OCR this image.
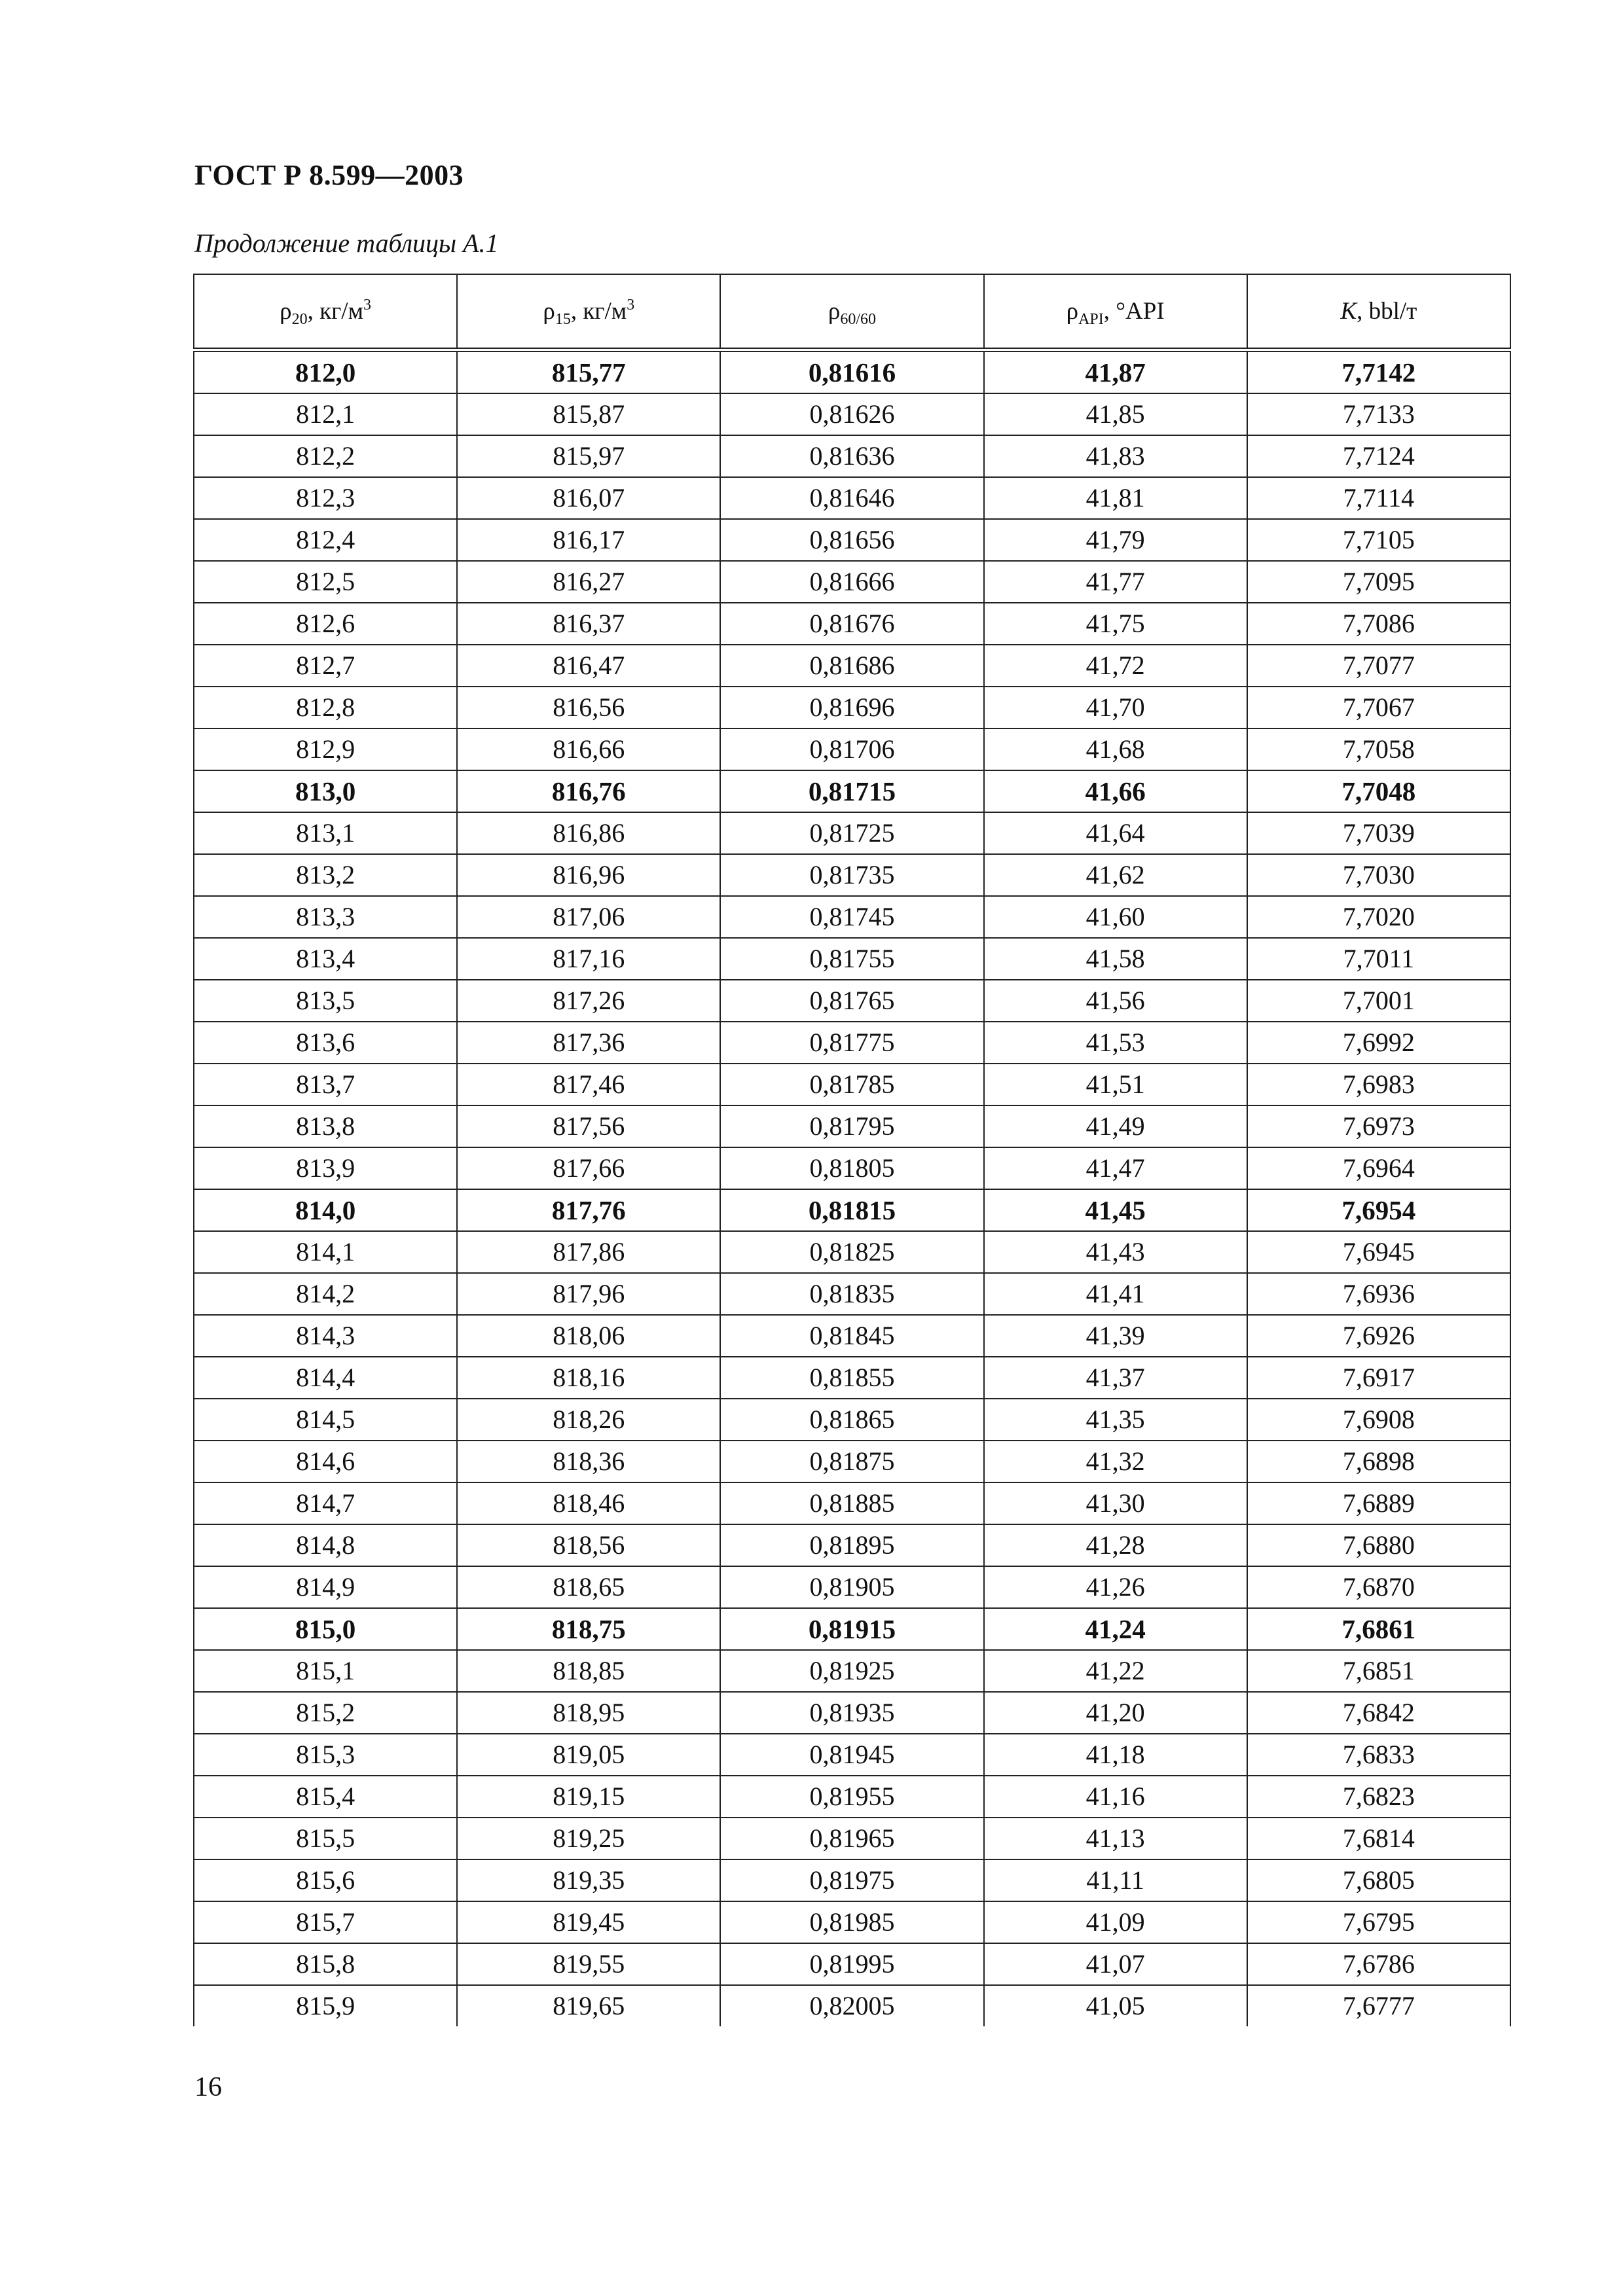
ГОСТ Р 8.599—2003
Продолжение таблицы А.1
$\rho_{20}$, $кг/м^3$	$\rho_{15}$, $кг/м^3$	$\rho_{60/60}$	$\rho_{API}$, °API	K, bbl/т
812,0	815,77	0,81616	41,87	7,7142
812,1	815,87	0,81626	41,85	7,7133
812,2	815,97	0,81636	41,83	7,7124
812,3	816,07	0,81646	41,81	7,7114
812,4	816,17	0,81656	41,79	7,7105
812,5	816,27	0,81666	41,77	7,7095
812,6	816,37	0,81676	41,75	7,7086
812,7	816,47	0,81686	41,72	7,7077
812,8	816,56	0,81696	41,70	7,7067
812,9	816,66	0,81706	41,68	7,7058
813,0	816,76	0,81715	41,66	7,7048
813,1	816,86	0,81725	41,64	7,7039
813,2	816,96	0,81735	41,62	7,7030
813,3	817,06	0,81745	41,60	7,7020
813,4	817,16	0,81755	41,58	7,7011
813,5	817,26	0,81765	41,56	7,7001
813,6	817,36	0,81775	41,53	7,6992
813,7	817,46	0,81785	41,51	7,6983
813,8	817,56	0,81795	41,49	7,6973
813,9	817,66	0,81805	41,47	7,6964
814,0	817,76	0,81815	41,45	7,6954
814,1	817,86	0,81825	41,43	7,6945
814,2	817,96	0,81835	41,41	7,6936
814,3	818,06	0,81845	41,39	7,6926
814,4	818,16	0,81855	41,37	7,6917
814,5	818,26	0,81865	41,35	7,6908
814,6	818,36	0,81875	41,32	7,6898
814,7	818,46	0,81885	41,30	7,6889
814,8	818,56	0,81895	41,28	7,6880
814,9	818,65	0,81905	41,26	7,6870
815,0	818,75	0,81915	41,24	7,6861
815,1	818,85	0,81925	41,22	7,6851
815,2	818,95	0,81935	41,20	7,6842
815,3	819,05	0,81945	41,18	7,6833
815,4	819,15	0,81955	41,16	7,6823
815,5	819,25	0,81965	41,13	7,6814
815,6	819,35	0,81975	41,11	7,6805
815,7	819,45	0,81985	41,09	7,6795
815,8	819,55	0,81995	41,07	7,6786
815,9	819,65	0,82005	41,05	7,6777
16
